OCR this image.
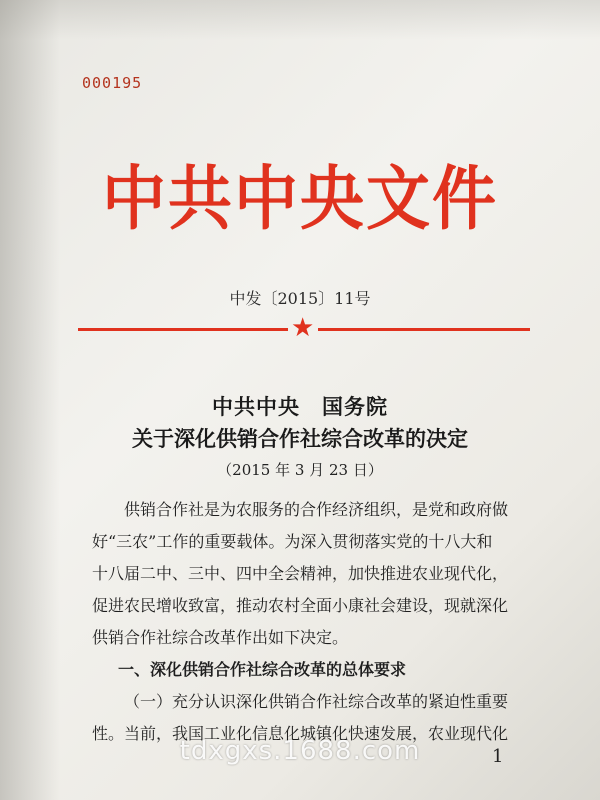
000195

中共中央文件

中发〔2015〕11号

★
中共中央　国务院
关于深化供销合作社综合改革的决定

（2015 年 3 月 23 日）

供销合作社是为农服务的合作经济组织，是党和政府做

好“三农”工作的重要载体。为深入贯彻落实党的十八大和

十八届二中、三中、四中全会精神，加快推进农业现代化，

促进农民增收致富，推动农村全面小康社会建设，现就深化

供销合作社综合改革作出如下决定。

一、深化供销合作社综合改革的总体要求

（一）充分认识深化供销合作社综合改革的紧迫性重要

性。当前，我国工业化信息化城镇化快速发展，农业现代化

1

tdxgxs.1688.com
